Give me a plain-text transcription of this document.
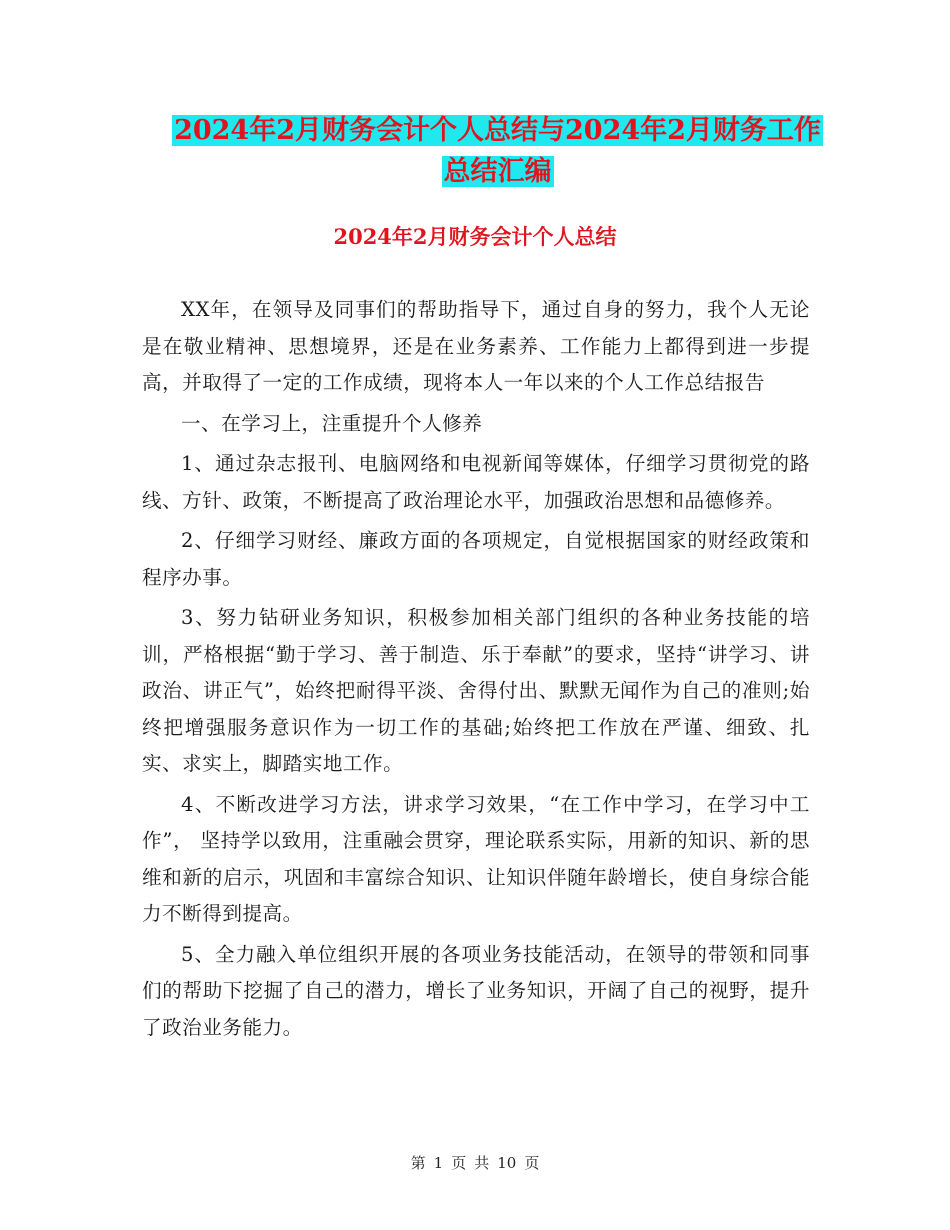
2024年2月财务会计个人总结与2024年2月财务工作
总结汇编
2024年2月财务会计个人总结

XX年，在领导及同事们的帮助指导下，通过自身的努力，我个人无论是在敬业精神、思想境界，还是在业务素养、工作能力上都得到进一步提高，并取得了一定的工作成绩，现将本人一年以来的个人工作总结报告

一、在学习上，注重提升个人修养

1、通过杂志报刊、电脑网络和电视新闻等媒体，仔细学习贯彻党的路线、方针、政策，不断提高了政治理论水平，加强政治思想和品德修养。

2、仔细学习财经、廉政方面的各项规定，自觉根据国家的财经政策和程序办事。

3、努力钻研业务知识，积极参加相关部门组织的各种业务技能的培训，严格根据“勤于学习、善于制造、乐于奉献”的要求，坚持“讲学习、讲政治、讲正气”，始终把耐得平淡、舍得付出、默默无闻作为自己的准则;始终把增强服务意识作为一切工作的基础;始终把工作放在严谨、细致、扎实、求实上，脚踏实地工作。

4、不断改进学习方法，讲求学习效果，“在工作中学习，在学习中工作”， 坚持学以致用，注重融会贯穿，理论联系实际，用新的知识、新的思维和新的启示，巩固和丰富综合知识、让知识伴随年龄增长，使自身综合能力不断得到提高。

5、全力融入单位组织开展的各项业务技能活动，在领导的带领和同事们的帮助下挖掘了自己的潜力，增长了业务知识，开阔了自己的视野，提升了政治业务能力。

第 1 页 共 10 页
